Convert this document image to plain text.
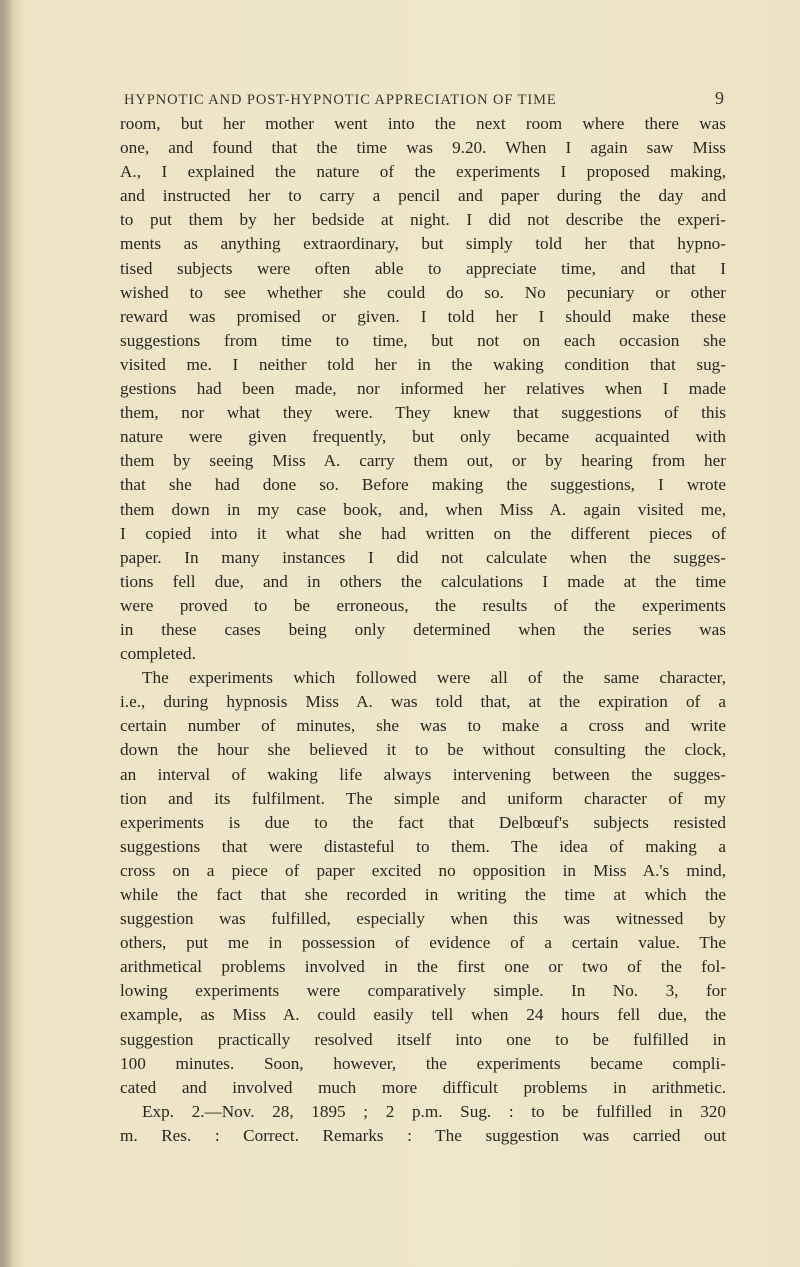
HYPNOTIC AND POST-HYPNOTIC APPRECIATION OF TIME	9
room, but her mother went into the next room where there was
one, and found that the time was 9.20. When I again saw Miss
A., I explained the nature of the experiments I proposed making,
and instructed her to carry a pencil and paper during the day and
to put them by her bedside at night. I did not describe the experi-
ments as anything extraordinary, but simply told her that hypno-
tised subjects were often able to appreciate time, and that I
wished to see whether she could do so. No pecuniary or other
reward was promised or given. I told her I should make these
suggestions from time to time, but not on each occasion she
visited me. I neither told her in the waking condition that sug-
gestions had been made, nor informed her relatives when I made
them, nor what they were. They knew that suggestions of this
nature were given frequently, but only became acquainted with
them by seeing Miss A. carry them out, or by hearing from her
that she had done so. Before making the suggestions, I wrote
them down in my case book, and, when Miss A. again visited me,
I copied into it what she had written on the different pieces of
paper. In many instances I did not calculate when the sugges-
tions fell due, and in others the calculations I made at the time
were proved to be erroneous, the results of the experiments
in these cases being only determined when the series was
completed.
The experiments which followed were all of the same character,
i.e., during hypnosis Miss A. was told that, at the expiration of a
certain number of minutes, she was to make a cross and write
down the hour she believed it to be without consulting the clock,
an interval of waking life always intervening between the sugges-
tion and its fulfilment. The simple and uniform character of my
experiments is due to the fact that Delbœuf's subjects resisted
suggestions that were distasteful to them. The idea of making a
cross on a piece of paper excited no opposition in Miss A.'s mind,
while the fact that she recorded in writing the time at which the
suggestion was fulfilled, especially when this was witnessed by
others, put me in possession of evidence of a certain value. The
arithmetical problems involved in the first one or two of the fol-
lowing experiments were comparatively simple. In No. 3, for
example, as Miss A. could easily tell when 24 hours fell due, the
suggestion practically resolved itself into one to be fulfilled in
100 minutes. Soon, however, the experiments became compli-
cated and involved much more difficult problems in arithmetic.
Exp. 2.—Nov. 28, 1895 ; 2 p.m. Sug. : to be fulfilled in 320
m. Res. : Correct. Remarks : The suggestion was carried out
